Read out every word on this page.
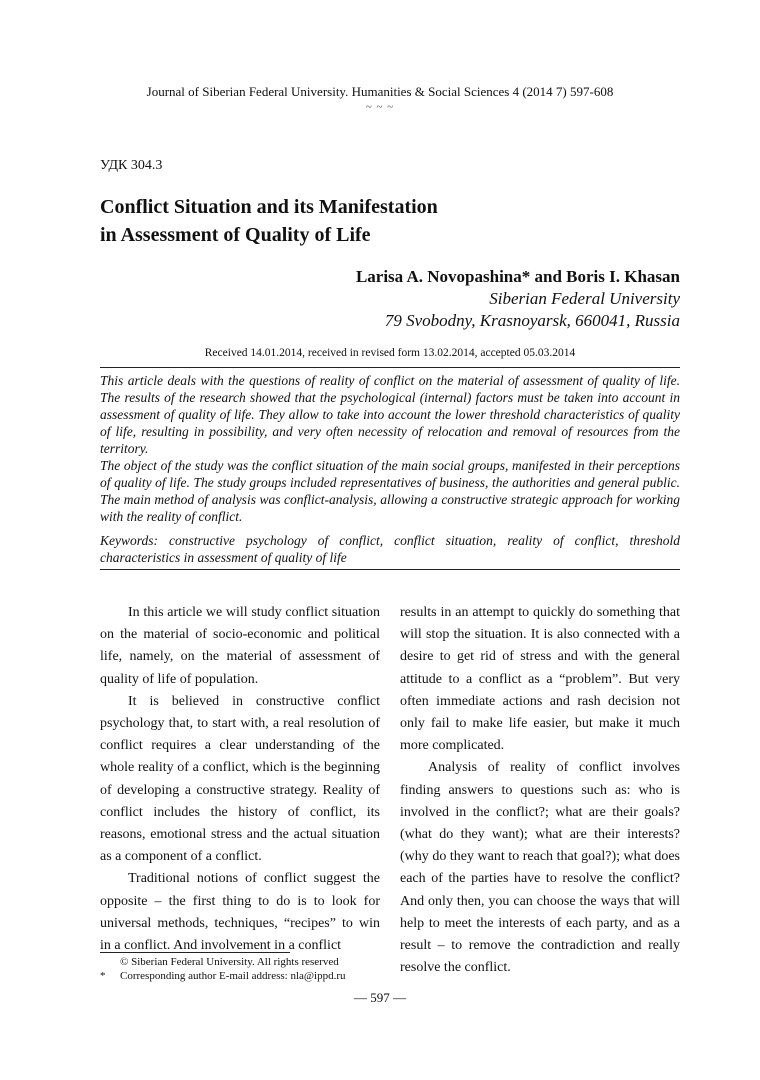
Journal of Siberian Federal University. Humanities & Social Sciences 4 (2014 7) 597-608
~ ~ ~
УДК 304.3
Conflict Situation and its Manifestation
in Assessment of Quality of Life
Larisa A. Novopashina* and Boris I. Khasan
Siberian Federal University
79 Svobodny, Krasnoyarsk, 660041, Russia
Received 14.01.2014, received in revised form 13.02.2014, accepted 05.03.2014

This article deals with the questions of reality of conflict on the material of assessment of quality of life. The results of the research showed that the psychological (internal) factors must be taken into account in assessment of quality of life. They allow to take into account the lower threshold characteristics of quality of life, resulting in possibility, and very often necessity of relocation and removal of resources from the territory.

The object of the study was the conflict situation of the main social groups, manifested in their perceptions of quality of life. The study groups included representatives of business, the authorities and general public. The main method of analysis was conflict-analysis, allowing a constructive strategic approach for working with the reality of conflict.

Keywords: constructive psychology of conflict, conflict situation, reality of conflict, threshold characteristics in assessment of quality of life

In this article we will study conflict situation on the material of socio-economic and political life, namely, on the material of assessment of quality of life of population.

It is believed in constructive conflict psychology that, to start with, a real resolution of conflict requires a clear understanding of the whole reality of a conflict, which is the beginning of developing a constructive strategy. Reality of conflict includes the history of conflict, its reasons, emotional stress and the actual situation as a component of a conflict.

Traditional notions of conflict suggest the opposite – the first thing to do is to look for universal methods, techniques, “recipes” to win in a conflict. And involvement in a conflict

results in an attempt to quickly do something that will stop the situation. It is also connected with a desire to get rid of stress and with the general attitude to a conflict as a “problem”. But very often immediate actions and rash decision not only fail to make life easier, but make it much more complicated.

Analysis of reality of conflict involves finding answers to questions such as: who is involved in the conflict?; what are their goals? (what do they want); what are their interests? (why do they want to reach that goal?); what does each of the parties have to resolve the conflict? And only then, you can choose the ways that will help to meet the interests of each party, and as a result – to remove the contradiction and really resolve the conflict.

© Siberian Federal University. All rights reserved
* Corresponding author E-mail address: nla@ippd.ru
— 597 —
